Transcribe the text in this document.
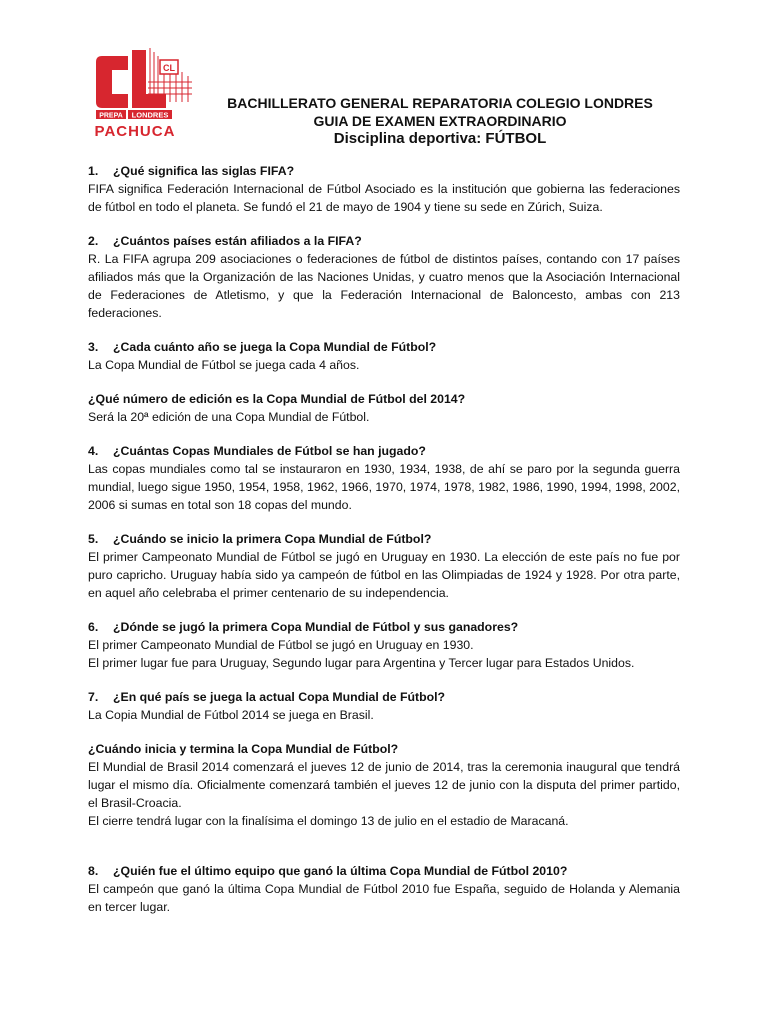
CL
PREPA LONDRES
PACHUCA
BACHILLERATO GENERAL REPARATORIA COLEGIO LONDRES
GUIA DE EXAMEN EXTRAORDINARIO
Disciplina deportiva: FÚTBOL

1. ¿Qué significa las siglas FIFA?

FIFA significa Federación Internacional de Fútbol Asociado es la institución que gobierna las federaciones de fútbol en todo el planeta. Se fundó el 21 de mayo de 1904 y tiene su sede en Zúrich, Suiza.

2. ¿Cuántos países están afiliados a la FIFA?

R. La FIFA agrupa 209 asociaciones o federaciones de fútbol de distintos países, contando con 17 países afiliados más que la Organización de las Naciones Unidas, y cuatro menos que la Asociación Internacional de Federaciones de Atletismo, y que la Federación Internacional de Baloncesto, ambas con 213 federaciones.

3. ¿Cada cuánto año se juega la Copa Mundial de Fútbol?

La Copa Mundial de Fútbol se juega cada 4 años.

¿Qué número de edición es la Copa Mundial de Fútbol del 2014?

Será la 20ª edición de una Copa Mundial de Fútbol.

4. ¿Cuántas Copas Mundiales de Fútbol se han jugado?

Las copas mundiales como tal se instauraron en 1930, 1934, 1938, de ahí se paro por la segunda guerra mundial, luego sigue 1950, 1954, 1958, 1962, 1966, 1970, 1974, 1978, 1982, 1986, 1990, 1994, 1998, 2002, 2006 si sumas en total son 18 copas del mundo.

5. ¿Cuándo se inicio la primera Copa Mundial de Fútbol?

El primer Campeonato Mundial de Fútbol se jugó en Uruguay en 1930. La elección de este país no fue por puro capricho. Uruguay había sido ya campeón de fútbol en las Olimpiadas de 1924 y 1928. Por otra parte, en aquel año celebraba el primer centenario de su independencia.

6. ¿Dónde se jugó la primera Copa Mundial de Fútbol y sus ganadores?

El primer Campeonato Mundial de Fútbol se jugó en Uruguay en 1930.

El primer lugar fue para Uruguay, Segundo lugar para Argentina y Tercer lugar para Estados Unidos.

7. ¿En qué país se juega la actual Copa Mundial de Fútbol?

La Copia Mundial de Fútbol 2014 se juega en Brasil.

¿Cuándo inicia y termina la Copa Mundial de Fútbol?

El Mundial de Brasil 2014 comenzará el jueves 12 de junio de 2014, tras la ceremonia inaugural que tendrá lugar el mismo día. Oficialmente comenzará también el jueves 12 de junio con la disputa del primer partido, el Brasil-Croacia.

El cierre tendrá lugar con la finalísima el domingo 13 de julio en el estadio de Maracaná.

8. ¿Quién fue el último equipo que ganó la última Copa Mundial de Fútbol 2010?

El campeón que ganó la última Copa Mundial de Fútbol 2010 fue España, seguido de Holanda y Alemania en tercer lugar.
